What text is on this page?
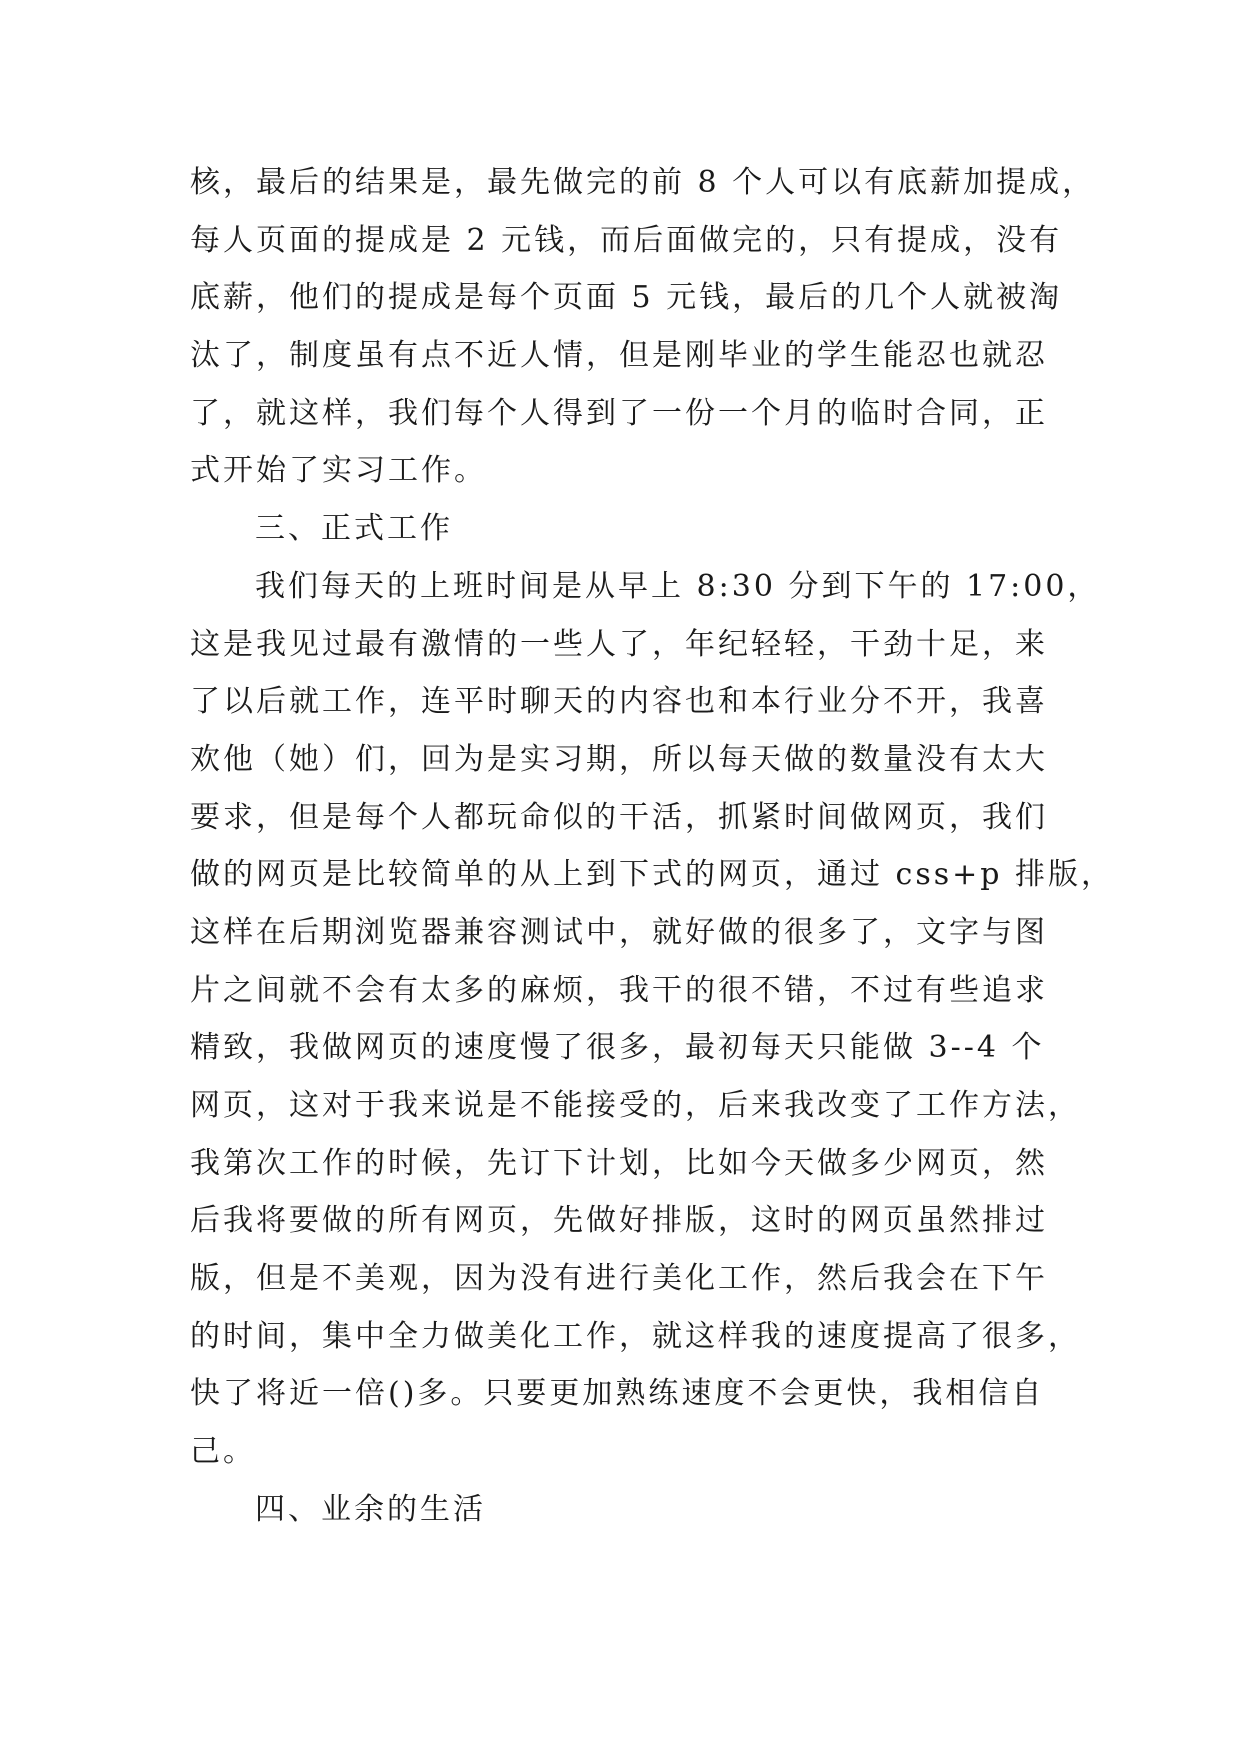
核，最后的结果是，最先做完的前 8 个人可以有底薪加提成，
每人页面的提成是 2 元钱，而后面做完的，只有提成，没有
底薪，他们的提成是每个页面 5 元钱，最后的几个人就被淘
汰了，制度虽有点不近人情，但是刚毕业的学生能忍也就忍
了，就这样，我们每个人得到了一份一个月的临时合同，正
式开始了实习工作。
三、正式工作
我们每天的上班时间是从早上 8:30 分到下午的 17:00，
这是我见过最有激情的一些人了，年纪轻轻，干劲十足，来
了以后就工作，连平时聊天的内容也和本行业分不开，我喜
欢他（她）们，回为是实习期，所以每天做的数量没有太大
要求，但是每个人都玩命似的干活，抓紧时间做网页，我们
做的网页是比较简单的从上到下式的网页，通过 css+p 排版，
这样在后期浏览器兼容测试中，就好做的很多了，文字与图
片之间就不会有太多的麻烦，我干的很不错，不过有些追求
精致，我做网页的速度慢了很多，最初每天只能做 3--4 个
网页，这对于我来说是不能接受的，后来我改变了工作方法，
我第次工作的时候，先订下计划，比如今天做多少网页，然
后我将要做的所有网页，先做好排版，这时的网页虽然排过
版，但是不美观，因为没有进行美化工作，然后我会在下午
的时间，集中全力做美化工作，就这样我的速度提高了很多，
快了将近一倍()多。只要更加熟练速度不会更快，我相信自
己。
四、业余的生活
